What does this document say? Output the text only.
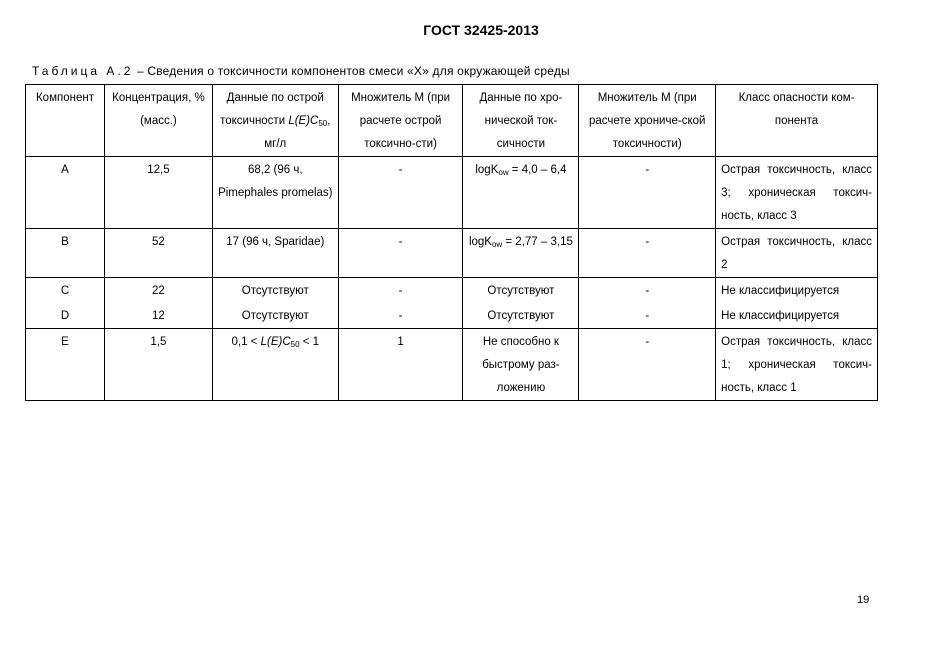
ГОСТ 32425-2013
Таблица А.2 – Сведения о токсичности компонентов смеси «X» для окружающей среды
Компонент	Концентрация, % (масс.)	Данные по острой токсичности $L(E)C_{50}$, мг/л	Множитель М (при расчете острой токсично-сти)	Данные по хро-нической ток-сичности	Множитель М (при расчете хрониче-ской токсичности)	Класс опасности ком-понента
A	12,5	68,2 (96 ч, Pimephales promelas)	-	logK$_{ow}$ = 4,0 – 6,4	-	Острая токсичность, класс 3; хроническая токсич-ность, класс 3
B	52	17 (96 ч, Sparidae)	-	logK$_{ow}$ = 2,77 – 3,15	-	Острая токсичность, класс 2
C	22	Отсутствуют	-	Отсутствуют	-	Не классифицируется
D	12	Отсутствуют	-	Отсутствуют	-	Не классифицируется
E	1,5	$0,1 < L(E)C_{50} < 1$	1	Не способно к быстрому раз-ложению	-	Острая токсичность, класс 1; хроническая токсич-ность, класс 1
19
